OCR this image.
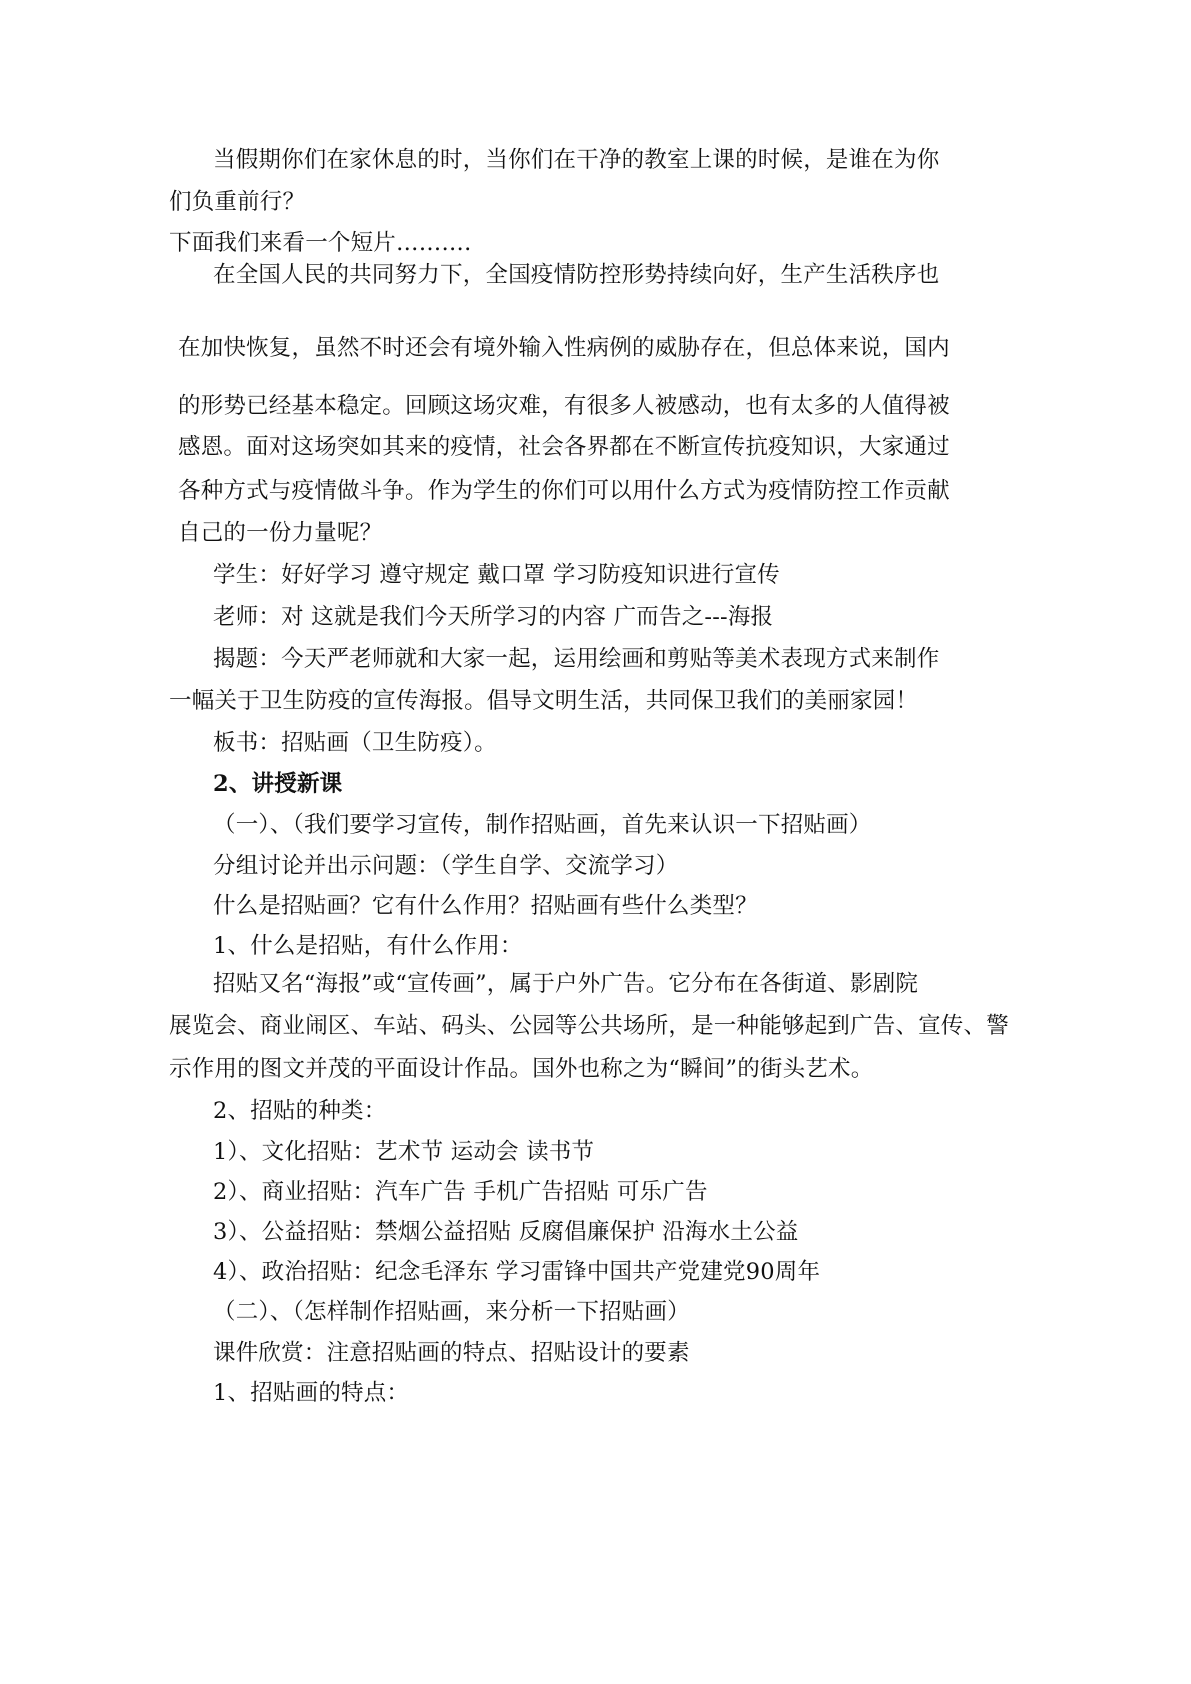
当假期你们在家休息的时，当你们在干净的教室上课的时候，是谁在为你
们负重前行？
下面我们来看一个短片……….
在全国人民的共同努力下，全国疫情防控形势持续向好，生产生活秩序也
在加快恢复，虽然不时还会有境外输入性病例的威胁存在，但总体来说，国内
的形势已经基本稳定。回顾这场灾难，有很多人被感动，也有太多的人值得被
感恩。面对这场突如其来的疫情，社会各界都在不断宣传抗疫知识，大家通过
各种方式与疫情做斗争。作为学生的你们可以用什么方式为疫情防控工作贡献
自己的一份力量呢？
学生：好好学习 遵守规定 戴口罩 学习防疫知识进行宣传
老师：对 这就是我们今天所学习的内容 广而告之---海报
揭题：今天严老师就和大家一起，运用绘画和剪贴等美术表现方式来制作
一幅关于卫生防疫的宣传海报。倡导文明生活，共同保卫我们的美丽家园！
板书：招贴画（卫生防疫）。
2、讲授新课
（一）、（我们要学习宣传，制作招贴画，首先来认识一下招贴画）
分组讨论并出示问题：（学生自学、交流学习）
什么是招贴画？它有什么作用？招贴画有些什么类型？
1、什么是招贴，有什么作用：
招贴又名“海报”或“宣传画”，属于户外广告。它分布在各街道、影剧院
展览会、商业闹区、车站、码头、公园等公共场所，是一种能够起到广告、宣传、警
示作用的图文并茂的平面设计作品。国外也称之为“瞬间”的街头艺术。
2、招贴的种类：
1）、文化招贴：艺术节 运动会 读书节
2）、商业招贴：汽车广告 手机广告招贴 可乐广告
3）、公益招贴：禁烟公益招贴 反腐倡廉保护 沿海水土公益
4）、政治招贴：纪念毛泽东 学习雷锋中国共产党建党90周年
（二）、（怎样制作招贴画，来分析一下招贴画）
课件欣赏：注意招贴画的特点、招贴设计的要素
1、招贴画的特点：
